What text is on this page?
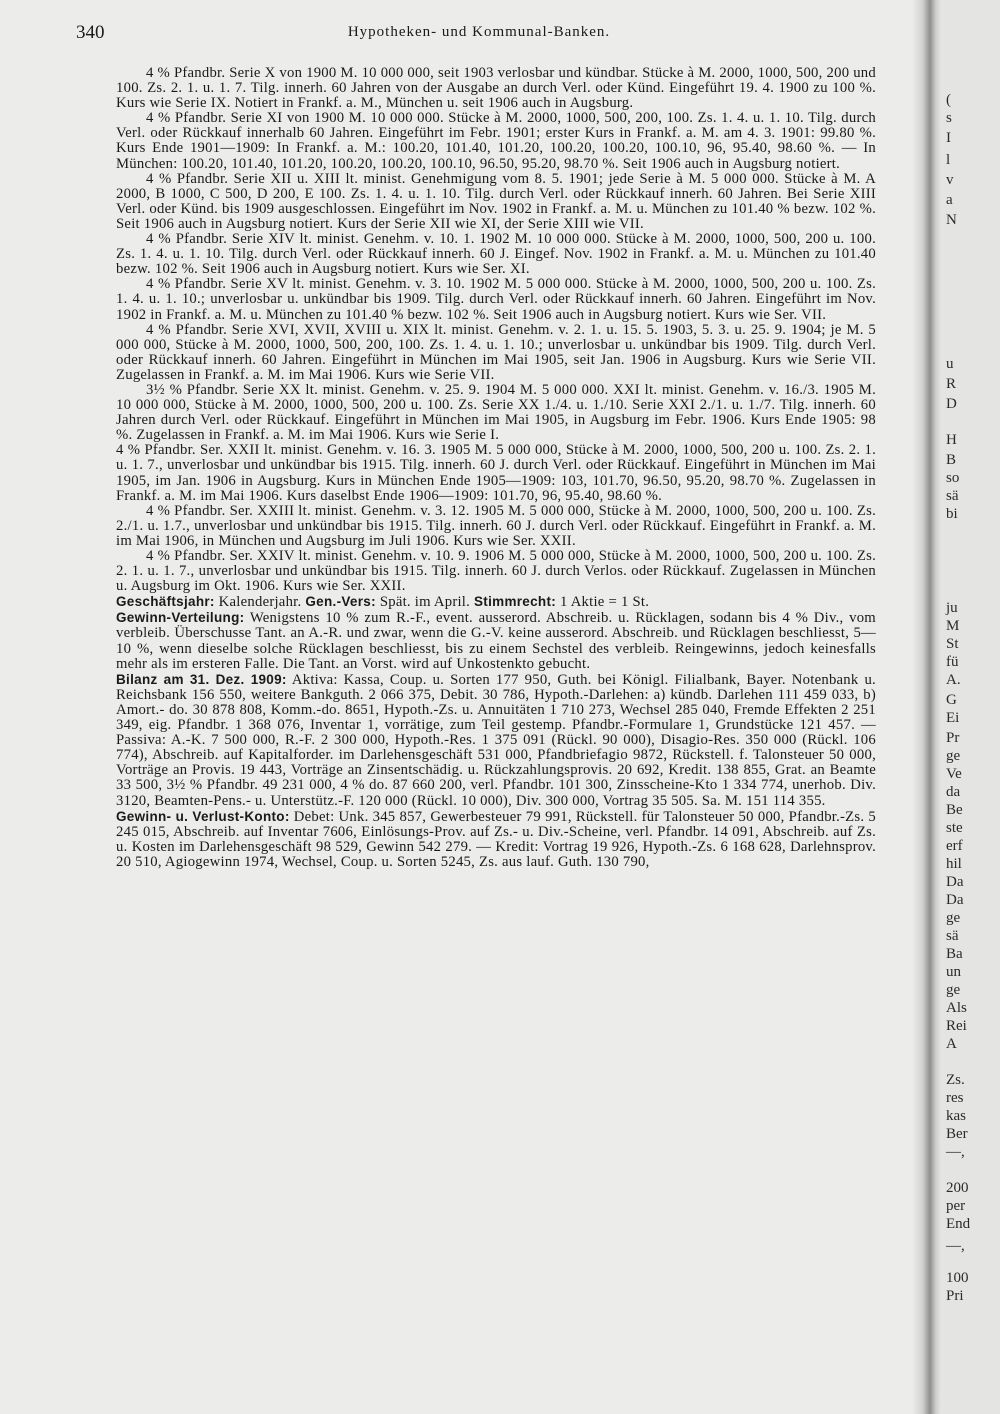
340	Hypotheken- und Kommunal-Banken.

4 % Pfandbr. Serie X von 1900 M. 10 000 000, seit 1903 verlosbar und kündbar. Stücke à M. 2000, 1000, 500, 200 und 100. Zs. 2. 1. u. 1. 7. Tilg. innerh. 60 Jahren von der Ausgabe an durch Verl. oder Künd. Eingeführt 19. 4. 1900 zu 100 %. Kurs wie Serie IX. Notiert in Frankf. a. M., München u. seit 1906 auch in Augsburg.

4 % Pfandbr. Serie XI von 1900 M. 10 000 000. Stücke à M. 2000, 1000, 500, 200, 100. Zs. 1. 4. u. 1. 10. Tilg. durch Verl. oder Rückkauf innerhalb 60 Jahren. Eingeführt im Febr. 1901; erster Kurs in Frankf. a. M. am 4. 3. 1901: 99.80 %. Kurs Ende 1901—1909: In Frankf. a. M.: 100.20, 101.40, 101.20, 100.20, 100.20, 100.10, 96, 95.40, 98.60 %. — In München: 100.20, 101.40, 101.20, 100.20, 100.20, 100.10, 96.50, 95.20, 98.70 %. Seit 1906 auch in Augsburg notiert.

4 % Pfandbr. Serie XII u. XIII lt. minist. Genehmigung vom 8. 5. 1901; jede Serie à M. 5 000 000. Stücke à M. A 2000, B 1000, C 500, D 200, E 100. Zs. 1. 4. u. 1. 10. Tilg. durch Verl. oder Rückkauf innerh. 60 Jahren. Bei Serie XIII Verl. oder Künd. bis 1909 ausgeschlossen. Eingeführt im Nov. 1902 in Frankf. a. M. u. München zu 101.40 % bezw. 102 %. Seit 1906 auch in Augsburg notiert. Kurs der Serie XII wie XI, der Serie XIII wie VII.

4 % Pfandbr. Serie XIV lt. minist. Genehm. v. 10. 1. 1902 M. 10 000 000. Stücke à M. 2000, 1000, 500, 200 u. 100. Zs. 1. 4. u. 1. 10. Tilg. durch Verl. oder Rückkauf innerh. 60 J. Eingef. Nov. 1902 in Frankf. a. M. u. München zu 101.40 bezw. 102 %. Seit 1906 auch in Augsburg notiert. Kurs wie Ser. XI.

4 % Pfandbr. Serie XV lt. minist. Genehm. v. 3. 10. 1902 M. 5 000 000. Stücke à M. 2000, 1000, 500, 200 u. 100. Zs. 1. 4. u. 1. 10.; unverlosbar u. unkündbar bis 1909. Tilg. durch Verl. oder Rückkauf innerh. 60 Jahren. Eingeführt im Nov. 1902 in Frankf. a. M. u. München zu 101.40 % bezw. 102 %. Seit 1906 auch in Augsburg notiert. Kurs wie Ser. VII.

4 % Pfandbr. Serie XVI, XVII, XVIII u. XIX lt. minist. Genehm. v. 2. 1. u. 15. 5. 1903, 5. 3. u. 25. 9. 1904; je M. 5 000 000, Stücke à M. 2000, 1000, 500, 200, 100. Zs. 1. 4. u. 1. 10.; unverlosbar u. unkündbar bis 1909. Tilg. durch Verl. oder Rückkauf innerh. 60 Jahren. Eingeführt in München im Mai 1905, seit Jan. 1906 in Augsburg. Kurs wie Serie VII. Zugelassen in Frankf. a. M. im Mai 1906. Kurs wie Serie VII.

3½ % Pfandbr. Serie XX lt. minist. Genehm. v. 25. 9. 1904 M. 5 000 000. XXI lt. minist. Genehm. v. 16./3. 1905 M. 10 000 000, Stücke à M. 2000, 1000, 500, 200 u. 100. Zs. Serie XX 1./4. u. 1./10. Serie XXI 2./1. u. 1./7. Tilg. innerh. 60 Jahren durch Verl. oder Rückkauf. Eingeführt in München im Mai 1905, in Augsburg im Febr. 1906. Kurs Ende 1905: 98 %. Zugelassen in Frankf. a. M. im Mai 1906. Kurs wie Serie I.

4 % Pfandbr. Ser. XXII lt. minist. Genehm. v. 16. 3. 1905 M. 5 000 000, Stücke à M. 2000, 1000, 500, 200 u. 100. Zs. 2. 1. u. 1. 7., unverlosbar und unkündbar bis 1915. Tilg. innerh. 60 J. durch Verl. oder Rückkauf. Eingeführt in München im Mai 1905, im Jan. 1906 in Augsburg. Kurs in München Ende 1905—1909: 103, 101.70, 96.50, 95.20, 98.70 %. Zugelassen in Frankf. a. M. im Mai 1906. Kurs daselbst Ende 1906—1909: 101.70, 96, 95.40, 98.60 %.

4 % Pfandbr. Ser. XXIII lt. minist. Genehm. v. 3. 12. 1905 M. 5 000 000, Stücke à M. 2000, 1000, 500, 200 u. 100. Zs. 2./1. u. 1.7., unverlosbar und unkündbar bis 1915. Tilg. innerh. 60 J. durch Verl. oder Rückkauf. Eingeführt in Frankf. a. M. im Mai 1906, in München und Augsburg im Juli 1906. Kurs wie Ser. XXII.

4 % Pfandbr. Ser. XXIV lt. minist. Genehm. v. 10. 9. 1906 M. 5 000 000, Stücke à M. 2000, 1000, 500, 200 u. 100. Zs. 2. 1. u. 1. 7., unverlosbar und unkündbar bis 1915. Tilg. innerh. 60 J. durch Verlos. oder Rückkauf. Zugelassen in München u. Augsburg im Okt. 1906. Kurs wie Ser. XXII.

Geschäftsjahr: Kalenderjahr. Gen.-Vers: Spät. im April. Stimmrecht: 1 Aktie = 1 St.

Gewinn-Verteilung: Wenigstens 10 % zum R.-F., event. ausserord. Abschreib. u. Rücklagen, sodann bis 4 % Div., vom verbleib. Überschusse Tant. an A.-R. und zwar, wenn die G.-V. keine ausserord. Abschreib. und Rücklagen beschliesst, 5—10 %, wenn dieselbe solche Rücklagen beschliesst, bis zu einem Sechstel des verbleib. Reingewinns, jedoch keinesfalls mehr als im ersteren Falle. Die Tant. an Vorst. wird auf Unkostenkto gebucht.

Bilanz am 31. Dez. 1909: Aktiva: Kassa, Coup. u. Sorten 177 950, Guth. bei Königl. Filialbank, Bayer. Notenbank u. Reichsbank 156 550, weitere Bankguth. 2 066 375, Debit. 30 786, Hypoth.-Darlehen: a) kündb. Darlehen 111 459 033, b) Amort.- do. 30 878 808, Komm.-do. 8651, Hypoth.-Zs. u. Annuitäten 1 710 273, Wechsel 285 040, Fremde Effekten 2 251 349, eig. Pfandbr. 1 368 076, Inventar 1, vorrätige, zum Teil gestemp. Pfandbr.-Formulare 1, Grundstücke 121 457. — Passiva: A.-K. 7 500 000, R.-F. 2 300 000, Hypoth.-Res. 1 375 091 (Rückl. 90 000), Disagio-Res. 350 000 (Rückl. 106 774), Abschreib. auf Kapitalforder. im Darlehensgeschäft 531 000, Pfandbriefagio 9872, Rückstell. f. Talonsteuer 50 000, Vorträge an Provis. 19 443, Vorträge an Zinsentschädig. u. Rückzahlungsprovis. 20 692, Kredit. 138 855, Grat. an Beamte 33 500, 3½ % Pfandbr. 49 231 000, 4 % do. 87 660 200, verl. Pfandbr. 101 300, Zinsscheine-Kto 1 334 774, unerhob. Div. 3120, Beamten-Pens.- u. Unterstütz.-F. 120 000 (Rückl. 10 000), Div. 300 000, Vortrag 35 505. Sa. M. 151 114 355.

Gewinn- u. Verlust-Konto: Debet: Unk. 345 857, Gewerbesteuer 79 991, Rückstell. für Talonsteuer 50 000, Pfandbr.-Zs. 5 245 015, Abschreib. auf Inventar 7606, Einlösungs-Prov. auf Zs.- u. Div.-Scheine, verl. Pfandbr. 14 091, Abschreib. auf Zs. u. Kosten im Darlehensgeschäft 98 529, Gewinn 542 279. — Kredit: Vortrag 19 926, Hypoth.-Zs. 6 168 628, Darlehnsprov. 20 510, Agiogewinn 1974, Wechsel, Coup. u. Sorten 5245, Zs. aus lauf. Guth. 130 790,

(
s
I
l
v
a
N
u
R
D
H
B
so
sä
bi
ju
M
St
fü
A.
G
Ei
Pr
ge
Ve
da
Be
ste
erf
hil
Da
Da
ge
sä
Ba
un
ge
Als
Rei
A
Zs.
res
kas
Ber
—,
200
per
End
—,
100
Pri
